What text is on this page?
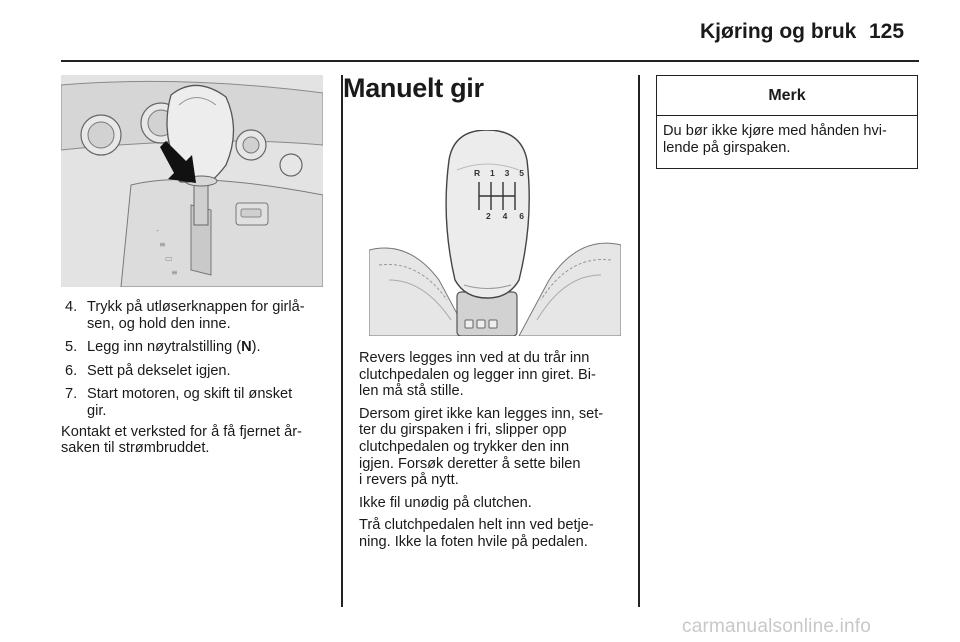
Kjøring og bruk 125
-
≡
▭
≡
4. Trykk på utløserknappen for girlå-
sen, og hold den inne.
5. Legg inn nøytralstilling (N).
6. Sett på dekselet igjen.
7. Start motoren, og skift til ønsket
gir.
Kontakt et verksted for å få fjernet år-
saken til strømbruddet.
Manuelt gir
R 1 3 5
2 4 6
Revers legges inn ved at du trår inn
clutchpedalen og legger inn giret. Bi-
len må stå stille.
Dersom giret ikke kan legges inn, set-
ter du girspaken i fri, slipper opp
clutchpedalen og trykker den inn
igjen. Forsøk deretter å sette bilen
i revers på nytt.
Ikke fil unødig på clutchen.
Trå clutchpedalen helt inn ved betje-
ning. Ikke la foten hvile på pedalen.
Merk
Du bør ikke kjøre med hånden hvi-
lende på girspaken.
carmanualsonline.info
